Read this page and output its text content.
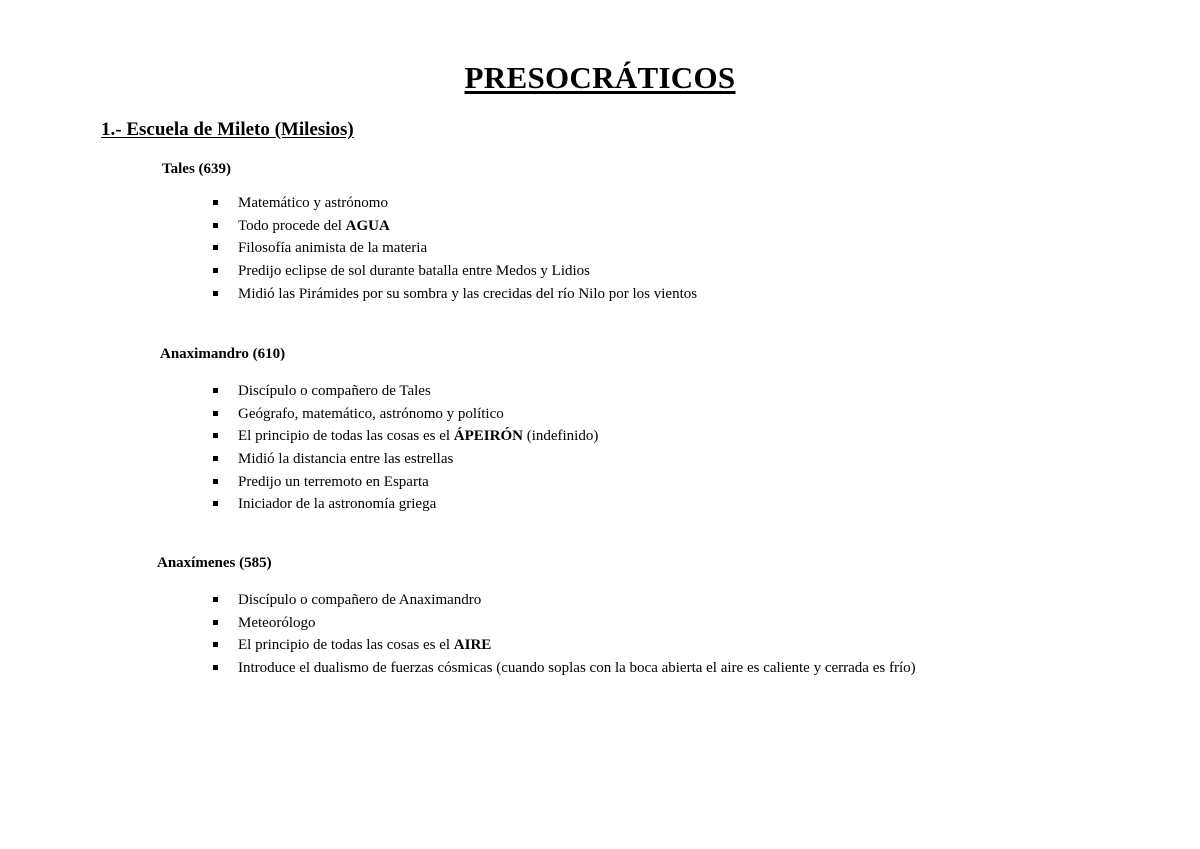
PRESOCRÁTICOS
1.- Escuela de Mileto (Milesios)
Tales (639)
Matemático y astrónomo
Todo procede del AGUA
Filosofía animista de la materia
Predijo eclipse de sol durante batalla entre Medos y Lidios
Midió las Pirámides por su sombra y las crecidas del río Nilo por los vientos
Anaximandro (610)
Discípulo o compañero de Tales
Geógrafo, matemático, astrónomo y político
El principio de todas las cosas es el ÁPEIRÓN (indefinido)
Midió la distancia entre las estrellas
Predijo un terremoto en Esparta
Iniciador de la astronomía griega
Anaxímenes (585)
Discípulo o compañero de Anaximandro
Meteorólogo
El principio de todas las cosas es el AIRE
Introduce el dualismo de fuerzas cósmicas (cuando soplas con la boca abierta el aire es caliente y cerrada es frío)
